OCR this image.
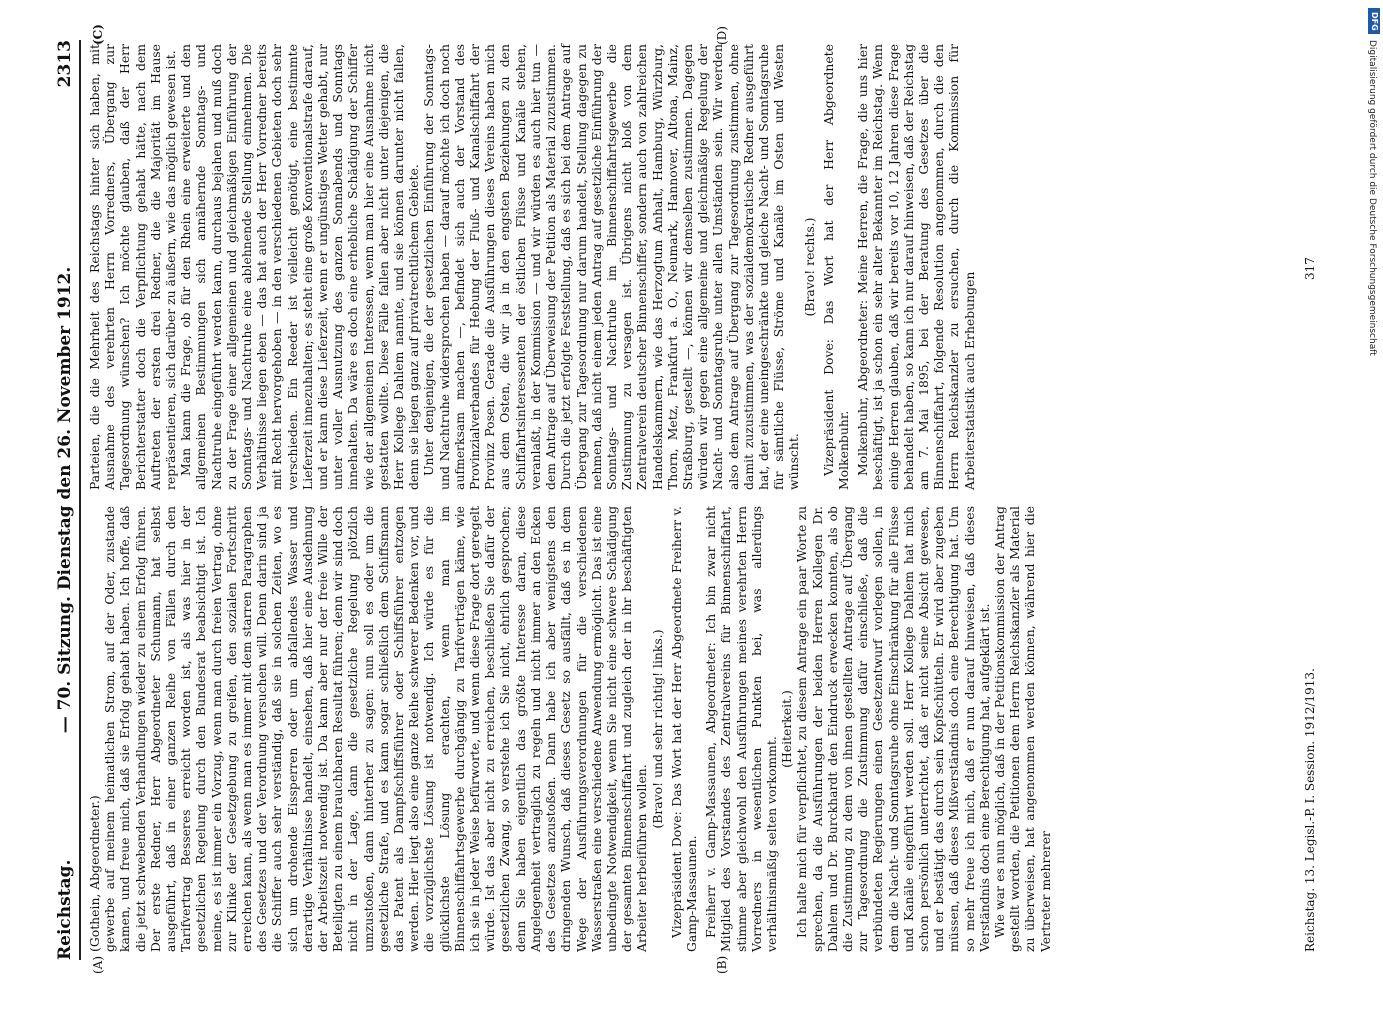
Reichstag.
— 70. Sitzung. Dienstag den 26. November 1912.
2313
(A)	(B)
(C)	(D)

(Gothein, Abgeordneter.) gewerbe auf meinem heimatlichen Strom, auf der Oder, zustande kamen, und freue mich, daß sie Erfolg gehabt haben. Ich hoffe, daß die jetzt schwebenden Verhandlungen wieder zu einem Erfolg führen. Der erste Redner, Herr Abgeordneter Schumann, hat selbst ausgeführt, daß in einer ganzen Reihe von Fällen durch den Tarifvertrag Besseres erreicht worden ist, als was hier in der gesetzlichen Regelung durch den Bundesrat beabsichtigt ist. Ich meine, es ist immer ein Vorzug, wenn man durch freien Vertrag, ohne zur Klinke der Gesetzgebung zu greifen, den sozialen Fortschritt erreichen kann, als wenn man es immer mit dem starren Paragraphen des Gesetzes und der Verordnung versuchen will. Denn darin sind ja die Schiffer auch sehr verständig, daß sie in solchen Zeiten, wo es sich um drohende Eissperren oder um abfallendes Wasser und derartige Verhältnisse handelt, einsehen, daß hier eine Ausdehnung der Arbeitszeit notwendig ist. Da kann aber nur der freie Wille der Beteiligten zu einem brauchbaren Resultat führen; denn wir sind doch nicht in der Lage, dann die gesetzliche Regelung plötzlich umzustoßen, dann hinterher zu sagen: nun soll es oder um die gesetzliche Strafe, und es kann sogar schließlich dem Schiffsmann das Patent als Dampfschiffsführer oder Schiffsführer entzogen werden. Hier liegt also eine ganze Reihe schwerer Bedenken vor, und die vorzüglichste Lösung ist notwendig. Ich würde es für die glücklichste Lösung erachten, wenn man im Binnenschiffahrtsgewerbe durchgängig zu Tarifverträgen käme, wie ich sie in jeder Weise befürworte, und wenn diese Frage dort geregelt würde. Ist das aber nicht zu erreichen, beschließen Sie dafür der gesetzlichen Zwang, so verstehe ich Sie nicht, ehrlich gesprochen; denn Sie haben eigentlich das größte Interesse daran, diese Angelegenheit vertraglich zu regeln und nicht immer an den Ecken des Gesetzes anzustoßen. Dann habe ich aber wenigstens den dringenden Wunsch, daß dieses Gesetz so ausfällt, daß es in dem Wege der Ausführungsverordnungen für die verschiedenen Wasserstraßen eine verschiedene Anwendung ermöglicht. Das ist eine unbedingte Notwendigkeit, wenn Sie nicht eine schwere Schädigung der gesamten Binnenschiffahrt und zugleich der in ihr beschäftigten Arbeiter herbeiführen wollen.

(Bravo! und sehr richtig! links.) Vizepräsident Dove: Das Wort hat der Herr Abgeordnete Freiherr v. Gamp-Massaunen. Freiherr v. Gamp-Massaunen, Abgeordneter: Ich bin zwar nicht Mitglied des Vorstandes des Zentralvereins für Binnenschiffahrt, stimme aber gleichwohl den Ausführungen meines verehrten Herrn Vorredners in wesentlichen Punkten bei, was allerdings verhältnismäßig selten vorkommt.

(Heiterkeit.) Ich halte mich für verpflichtet, zu diesem Antrage ein paar Worte zu sprechen, da die Ausführungen der beiden Herren Kollegen Dr. Dahlem und Dr. Burckhardt den Eindruck erwecken konnten, als ob die Zustimmung zu dem von ihnen gestellten Antrage auf Übergang zur Tagesordnung die Zustimmung dafür einschließe, daß die verbündeten Regierungen einen Gesetzentwurf vorlegen sollen, in dem die Nacht- und Sonntagsruhe ohne Einschränkung für alle Flüsse und Kanäle eingeführt werden soll. Herr Kollege Dahlem hat mich schon persönlich unterrichtet, daß er nicht seine Absicht gewesen, und er bestätigt das durch sein Kopfschütteln. Er wird aber zugeben müssen, daß dieses Mißverständnis doch eine Berechtigung hat. Um so mehr freue ich mich, daß er nun darauf hinweisen, daß dieses Verständnis doch eine Berechtigung hat, aufgeklärt ist. Wie war es nun möglich, daß in der Petitionskommission der Antrag gestellt worden, die Petitionen dem Herrn Reichskanzler als Material zu überweisen, hat angenommen werden können, während hier die Vertreter mehrerer

Parteien, die die Mehrheit des Reichstags hinter sich haben, mit Ausnahme des verehrten Herrn Vorredners, Übergang zur Tagesordnung wünschen? Ich möchte glauben, daß der Herr Berichterstatter doch die Verpflichtung gehabt hätte, nach dem Auftreten der ersten drei Redner, die die Majorität im Hause repräsentieren, sich darüber zu äußern, wie das möglich gewesen ist. Man kann die Frage, ob für den Rhein eine erweiterte und den allgemeinen Bestimmungen sich annähernde Sonntags- und Nachtruhe eingeführt werden kann, durchaus bejahen und muß doch zu der Frage einer allgemeinen und gleichmäßigen Einführung der Sonntags- und Nachtruhe eine ablehnende Stellung einnehmen. Die Verhältnisse liegen eben — das hat auch der Herr Vorredner bereits mit Recht hervorgehoben — in den verschiedenen Gebieten doch sehr verschieden. Ein Reeder ist vielleicht genötigt, eine bestimmte Lieferzeit innezuhalten; es steht eine große Konventionalstrafe darauf, und er kann diese Lieferzeit, wenn er ungünstiges Wetter gehabt, nur unter voller Ausnutzung des ganzen Sonnabends und Sonntags innehalten. Da wäre es doch eine erhebliche Schädigung der Schiffer wie der allgemeinen Interessen, wenn man hier eine Ausnahme nicht gestatten wollte. Diese Fälle fallen aber nicht unter diejenigen, die Herr Kollege Dahlem nannte, und sie können darunter nicht fallen, denn sie liegen ganz auf privatrechtlichem Gebiete. Unter denjenigen, die der gesetzlichen Einführung der Sonntags- und Nachtruhe widersprochen haben — darauf möchte ich doch noch aufmerksam machen —, befindet sich auch der Vorstand des Provinzialverbandes für Hebung der Fluß- und Kanalschiffahrt der Provinz Posen. Gerade die Ausführungen dieses Vereins haben mich aus dem Osten, die wir ja in den engsten Beziehungen zu den Schiffahrtsinteressenten der östlichen Flüsse und Kanäle stehen, veranlaßt, in der Kommission — und wir würden es auch hier tun — dem Antrage auf Überweisung der Petition als Material zuzustimmen. Durch die jetzt erfolgte Feststellung, daß es sich bei dem Antrage auf Übergang zur Tagesordnung nur darum handelt, Stellung dagegen zu nehmen, daß nicht einem jeden Antrag auf gesetzliche Einführung der Sonntags- und Nachtruhe im Binnenschiffahrtsgewerbe die Zustimmung zu versagen ist. Übrigens nicht bloß von dem Zentralverein deutscher Binnenschiffer, sondern auch von zahlreichen Handelskammern, wie das Herzogtum Anhalt, Hamburg, Würzburg, Thorn, Metz, Frankfurt a. O., Neumark, Hannover, Altona, Mainz, Straßburg, gestellt —, können wir demselben zustimmen. Dagegen würden wir gegen eine allgemeine und gleichmäßige Regelung der Nacht- und Sonntagsruhe unter allen Umständen sein. Wir werden also dem Antrage auf Übergang zur Tagesordnung zustimmen, ohne damit zuzustimmen, was der sozialdemokratische Redner ausgeführt hat, der eine uneingeschränkte und gleiche Nacht- und Sonntagsruhe für sämtliche Flüsse, Ströme und Kanäle im Osten und Westen wünscht.

(Bravo! rechts.) Vizepräsident Dove: Das Wort hat der Herr Abgeordnete Molkenbuhr. Molkenbuhr, Abgeordneter: Meine Herren, die Frage, die uns hier beschäftigt, ist ja schon ein sehr alter Bekannter im Reichstag. Wenn einige Herren glauben, daß wir bereits vor 10, 12 Jahren diese Frage behandelt haben, so kann ich nur darauf hinweisen, daß der Reichstag am 7. Mai 1895, bei der Beratung des Gesetzes über die Binnenschiffahrt, folgende Resolution angenommen, durch die den Herrn Reichskanzler zu ersuchen, durch die Kommission für Arbeiterstatistik auch Erhebungen

Reichstag. 13. Legisl.-P. I. Session. 1912/1913.
317
DFG
Digitalisierung gefördert durch die Deutsche Forschungsgemeinschaft
